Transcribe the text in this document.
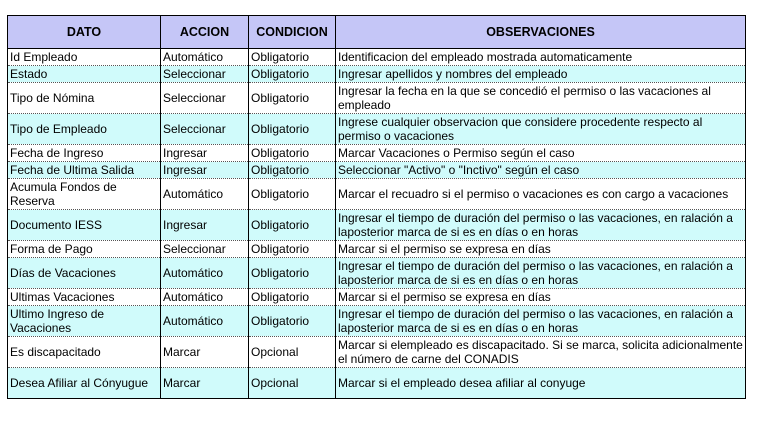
DATO	ACCION	CONDICION	OBSERVACIONES
Id Empleado	Automático	Obligatorio	Identificacion del empleado mostrada automaticamente
Estado	Seleccionar	Obligatorio	Ingresar apellidos y nombres del empleado
Tipo de Nómina	Seleccionar	Obligatorio	Ingresar la fecha en la que se concedió el permiso o las vacaciones al empleado
Tipo de Empleado	Seleccionar	Obligatorio	Ingrese cualquier observacion que considere procedente respecto al permiso o vacaciones
Fecha de Ingreso	Ingresar	Obligatorio	Marcar Vacaciones o Permiso según el caso
Fecha de Ultima Salida	Ingresar	Obligatorio	Seleccionar "Activo" o "Inctivo" según el caso
Acumula Fondos de Reserva	Automático	Obligatorio	Marcar el recuadro si el permiso o vacaciones es con cargo a vacaciones
Documento IESS	Ingresar	Obligatorio	Ingresar el tiempo de duración del permiso o las vacaciones, en ralación a laposterior marca de si es en días o en horas
Forma de Pago	Seleccionar	Obligatorio	Marcar si el permiso se expresa en días
Días de Vacaciones	Automático	Obligatorio	Ingresar el tiempo de duración del permiso o las vacaciones, en ralación a laposterior marca de si es en días o en horas
Ultimas Vacaciones	Automático	Obligatorio	Marcar si el permiso se expresa en días
Ultimo Ingreso de Vacaciones	Automático	Obligatorio	Ingresar el tiempo de duración del permiso o las vacaciones, en ralación a laposterior marca de si es en días o en horas
Es discapacitado	Marcar	Opcional	Marcar si elempleado es discapacitado. Si se marca, solicita adicionalmente el número de carne del CONADIS
Desea Afiliar al Cónyugue	Marcar	Opcional	Marcar si el empleado desea afiliar al conyuge
